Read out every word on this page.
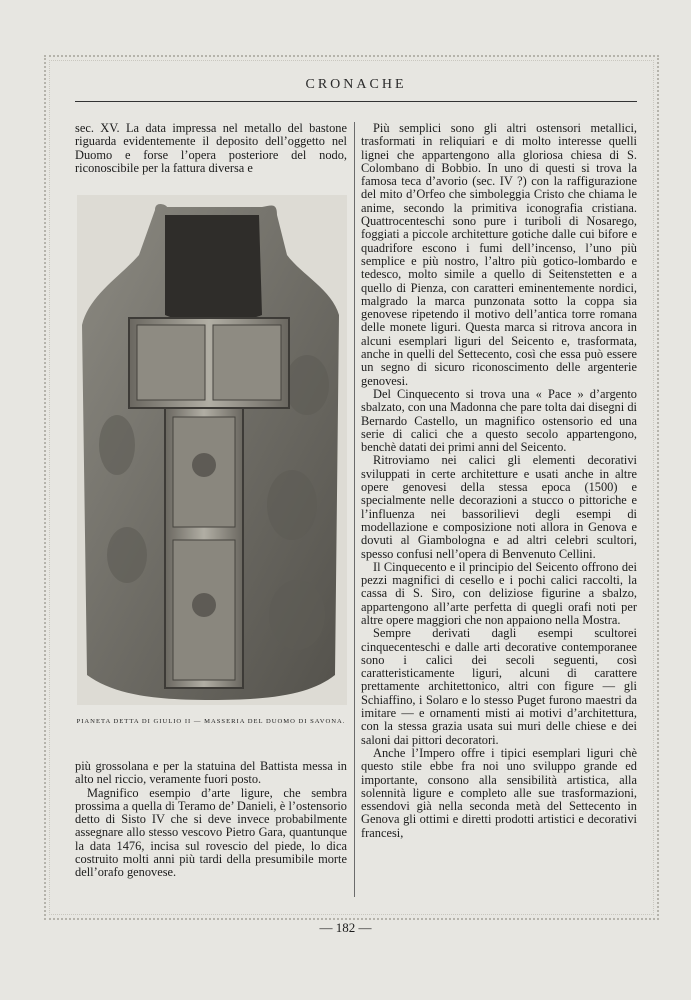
CRONACHE

sec. XV. La data impressa nel metallo del bastone riguarda evidentemente il deposito dell’oggetto nel Duomo e forse l’opera posteriore del nodo, riconoscibile per la fattura diversa e

PIANETA DETTA DI GIULIO II — MASSERIA DEL DUOMO DI SAVONA.

più grossolana e per la statuina del Battista messa in alto nel riccio, veramente fuori posto.

Magnifico esempio d’arte ligure, che sembra prossima a quella di Teramo de’ Danieli, è l’ostensorio detto di Sisto IV che si deve invece probabilmente assegnare allo stesso vescovo Pietro Gara, quantunque la data 1476, incisa sul rovescio del piede, lo dica costruito molti anni più tardi della presumibile morte dell’orafo genovese.

Più semplici sono gli altri ostensori metallici, trasformati in reliquiari e di molto interesse quelli lignei che appartengono alla gloriosa chiesa di S. Colombano di Bobbio. In uno di questi si trova la famosa teca d’avorio (sec. IV ?) con la raffigurazione del mito d’Orfeo che simboleggia Cristo che chiama le anime, secondo la primitiva iconografia cristiana. Quattrocenteschi sono pure i turiboli di Nosarego, foggiati a piccole architetture gotiche dalle cui bifore e quadrifore escono i fumi dell’incenso, l’uno più semplice e più nostro, l’altro più gotico-lombardo e tedesco, molto simile a quello di Seitenstetten e a quello di Pienza, con caratteri eminentemente nordici, malgrado la marca punzonata sotto la coppa sia genovese ripetendo il motivo dell’antica torre romana delle monete liguri. Questa marca si ritrova ancora in alcuni esemplari liguri del Seicento e, trasformata, anche in quelli del Settecento, così che essa può essere un segno di sicuro riconoscimento delle argenterie genovesi.

Del Cinquecento si trova una « Pace » d’argento sbalzato, con una Madonna che pare tolta dai disegni di Bernardo Castello, un magnifico ostensorio ed una serie di calici che a questo secolo appartengono, benchè datati dei primi anni del Seicento.

Ritroviamo nei calici gli elementi decorativi sviluppati in certe architetture e usati anche in altre opere genovesi della stessa epoca (1500) e specialmente nelle decorazioni a stucco o pittoriche e l’influenza nei bassorilievi degli esempi di modellazione e composizione noti allora in Genova e dovuti al Giambologna e ad altri celebri scultori, spesso confusi nell’opera di Benvenuto Cellini.

Il Cinquecento e il principio del Seicento offrono dei pezzi magnifici di cesello e i pochi calici raccolti, la cassa di S. Siro, con deliziose figurine a sbalzo, appartengono all’arte perfetta di quegli orafi noti per altre opere maggiori che non appaiono nella Mostra.

Sempre derivati dagli esempi scultorei cinquecenteschi e dalle arti decorative contemporanee sono i calici dei secoli seguenti, così caratteristicamente liguri, alcuni di carattere prettamente architettonico, altri con figure — gli Schiaffino, i Solaro e lo stesso Puget furono maestri da imitare — e ornamenti misti ai motivi d’architettura, con la stessa grazia usata sui muri delle chiese e dei saloni dai pittori decoratori.

Anche l’Impero offre i tipici esemplari liguri chè questo stile ebbe fra noi uno sviluppo grande ed importante, consono alla sensibilità artistica, alla solennità ligure e completo alle sue trasformazioni, essendovi già nella seconda metà del Settecento in Genova gli ottimi e diretti prodotti artistici e decorativi francesi,

— 182 —
